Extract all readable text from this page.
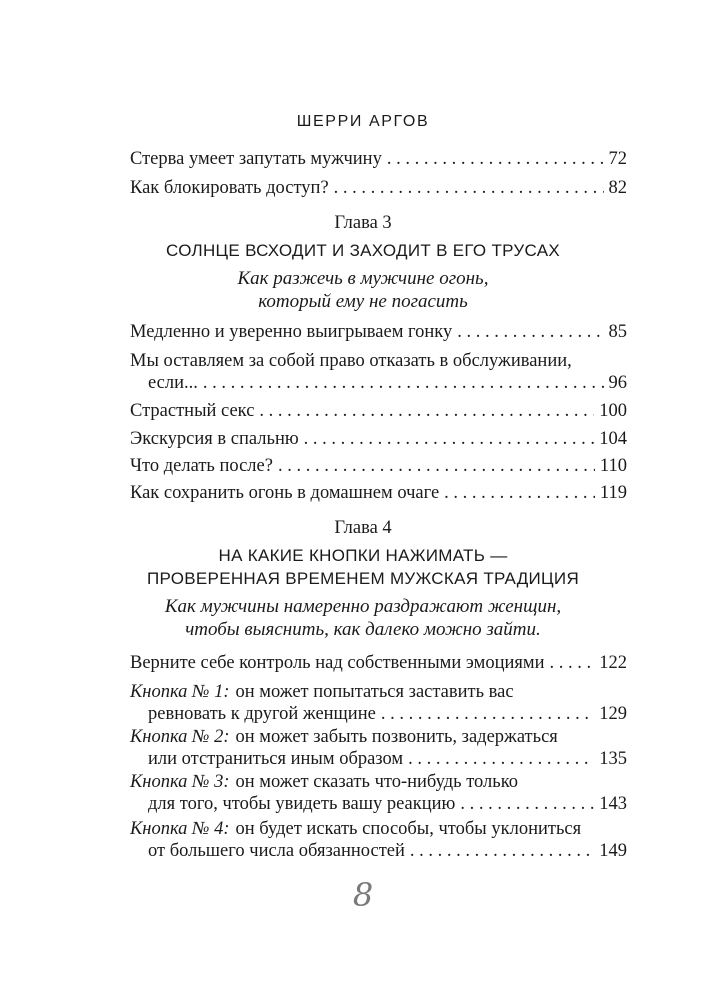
ШЕРРИ АРГОВ
Стерва умеет запутать мужчину . . .	72
Как блокировать доступ? . . .	82
Глава 3
СОЛНЦЕ ВСХОДИТ И ЗАХОДИТ В ЕГО ТРУСАХ
Как разжечь в мужчине огонь,
который ему не погасить
Медленно и уверенно выигрываем гонку . . .	85
Мы оставляем за собой право отказать в обслуживании,
если... . . .	96
Страстный секс . . .	100
Экскурсия в спальню . . .	104
Что делать после? . . .	110
Как сохранить огонь в домашнем очаге . . .	119
Глава 4
НА КАКИЕ КНОПКИ НАЖИМАТЬ —
ПРОВЕРЕННАЯ ВРЕМЕНЕМ МУЖСКАЯ ТРАДИЦИЯ
Как мужчины намеренно раздражают женщин,
чтобы выяснить, как далеко можно зайти.
Верните себе контроль над собственными эмоциями . . .	122
Кнопка № 1: он может попытаться заставить вас
ревновать к другой женщине . . .	129
Кнопка № 2: он может забыть позвонить, задержаться
или отстраниться иным образом . . .	135
Кнопка № 3: он может сказать что-нибудь только
для того, чтобы увидеть вашу реакцию . . .	143
Кнопка № 4: он будет искать способы, чтобы уклониться
от большего числа обязанностей . . .	149
8
